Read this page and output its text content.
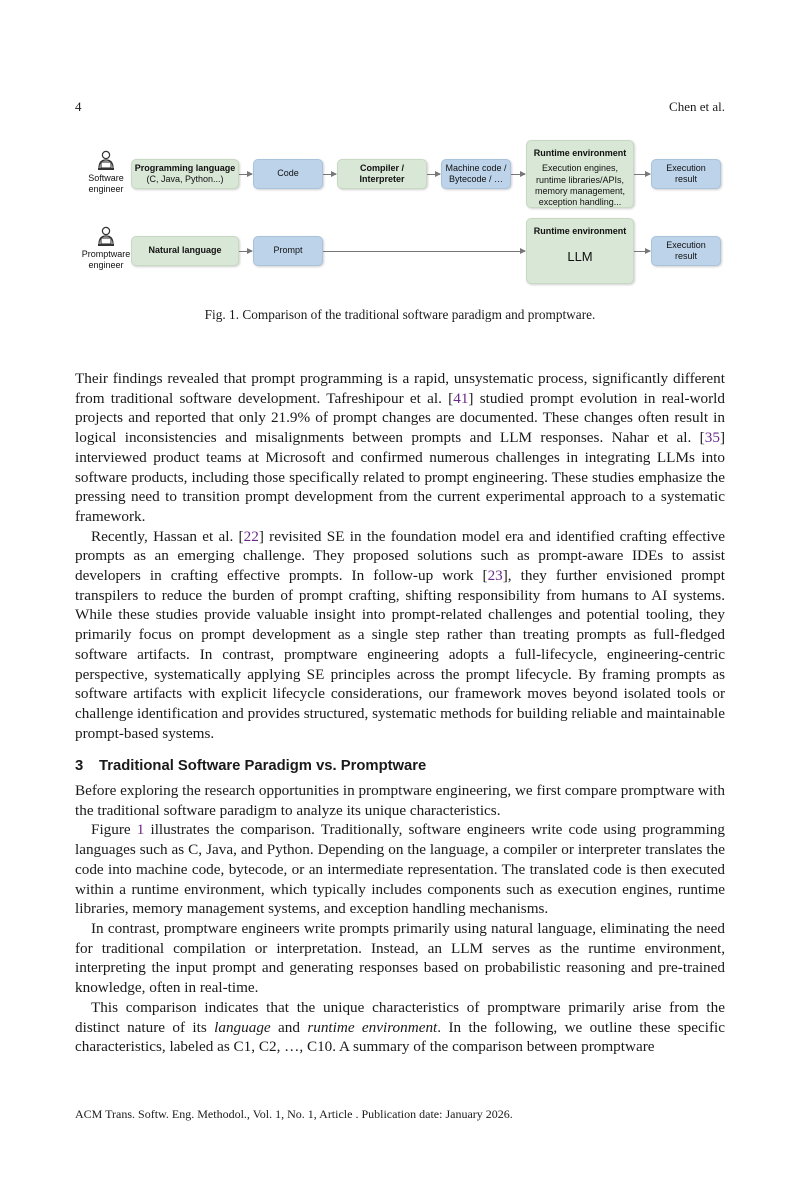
4	Chen et al.
Software engineer
Programming language
(C, Java, Python...)
Code
Compiler / Interpreter
Machine code / Bytecode / …
Runtime environment
Execution engines, runtime libraries/APIs, memory management, exception handling...
Execution result
Promptware engineer
Natural language	Prompt
Runtime environment
LLM
Execution result
Fig. 1. Comparison of the traditional software paradigm and promptware.

Their findings revealed that prompt programming is a rapid, unsystematic process, significantly different from traditional software development. Tafreshipour et al. [41] studied prompt evolution in real-world projects and reported that only 21.9% of prompt changes are documented. These changes often result in logical inconsistencies and misalignments between prompts and LLM responses. Nahar et al. [35] interviewed product teams at Microsoft and confirmed numerous challenges in integrating LLMs into software products, including those specifically related to prompt engineering. These studies emphasize the pressing need to transition prompt development from the current experimental approach to a systematic framework.

Recently, Hassan et al. [22] revisited SE in the foundation model era and identified crafting effective prompts as an emerging challenge. They proposed solutions such as prompt-aware IDEs to assist developers in crafting effective prompts. In follow-up work [23], they further envisioned prompt transpilers to reduce the burden of prompt crafting, shifting responsibility from humans to AI systems. While these studies provide valuable insight into prompt-related challenges and potential tooling, they primarily focus on prompt development as a single step rather than treating prompts as full-fledged software artifacts. In contrast, promptware engineering adopts a full-lifecycle, engineering-centric perspective, systematically applying SE principles across the prompt lifecycle. By framing prompts as software artifacts with explicit lifecycle considerations, our framework moves beyond isolated tools or challenge identification and provides structured, systematic methods for building reliable and maintainable prompt-based systems.

3 Traditional Software Paradigm vs. Promptware

Before exploring the research opportunities in promptware engineering, we first compare promptware with the traditional software paradigm to analyze its unique characteristics.

Figure 1 illustrates the comparison. Traditionally, software engineers write code using programming languages such as C, Java, and Python. Depending on the language, a compiler or interpreter translates the code into machine code, bytecode, or an intermediate representation. The translated code is then executed within a runtime environment, which typically includes components such as execution engines, runtime libraries, memory management systems, and exception handling mechanisms.

In contrast, promptware engineers write prompts primarily using natural language, eliminating the need for traditional compilation or interpretation. Instead, an LLM serves as the runtime environment, interpreting the input prompt and generating responses based on probabilistic reasoning and pre-trained knowledge, often in real-time.

This comparison indicates that the unique characteristics of promptware primarily arise from the distinct nature of its language and runtime environment. In the following, we outline these specific characteristics, labeled as C1, C2, …, C10. A summary of the comparison between promptware

ACM Trans. Softw. Eng. Methodol., Vol. 1, No. 1, Article . Publication date: January 2026.
